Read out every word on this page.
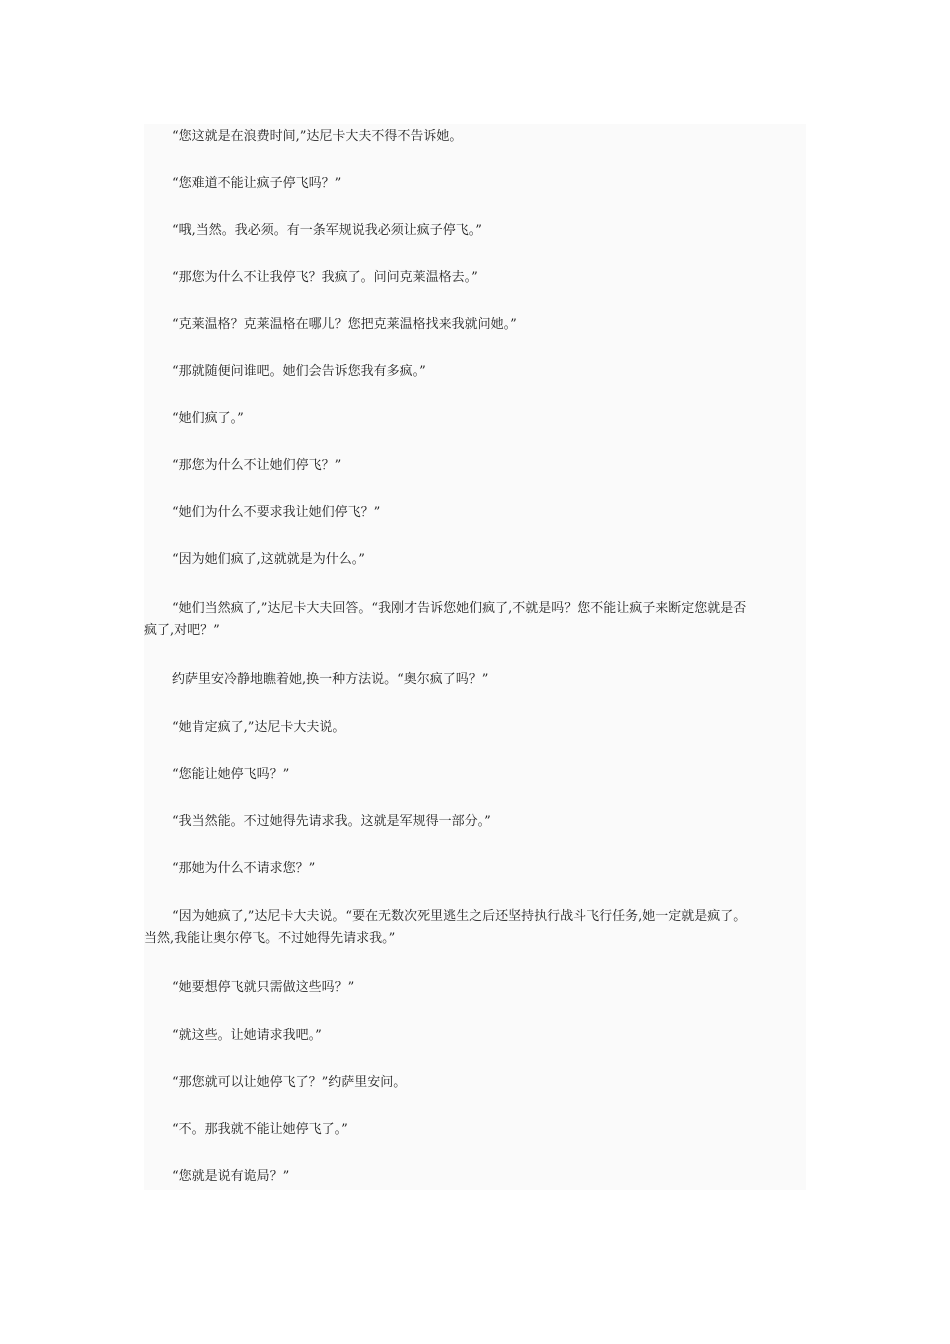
“您这就是在浪费时间,”达尼卡大夫不得不告诉她。
“您难道不能让疯子停飞吗？”
“哦,当然。我必须。有一条军规说我必须让疯子停飞。”
“那您为什么不让我停飞？我疯了。问问克莱温格去。”
“克莱温格？克莱温格在哪儿？您把克莱温格找来我就问她。”
“那就随便问谁吧。她们会告诉您我有多疯。”
“她们疯了。”
“那您为什么不让她们停飞？”
“她们为什么不要求我让她们停飞？”
“因为她们疯了,这就就是为什么。”
“她们当然疯了,”达尼卡大夫回答。“我刚才告诉您她们疯了,不就是吗？您不能让疯子来断定您就是否
疯了,对吧？”
约萨里安冷静地瞧着她,换一种方法说。“奥尔疯了吗？”
“她肯定疯了,”达尼卡大夫说。
“您能让她停飞吗？”
“我当然能。不过她得先请求我。这就是军规得一部分。”
“那她为什么不请求您？”
“因为她疯了,”达尼卡大夫说。“要在无数次死里逃生之后还坚持执行战斗飞行任务,她一定就是疯了。
当然,我能让奥尔停飞。不过她得先请求我。”
“她要想停飞就只需做这些吗？”
“就这些。让她请求我吧。”
“那您就可以让她停飞了？”约萨里安问。
“不。那我就不能让她停飞了。”
“您就是说有诡局？”
